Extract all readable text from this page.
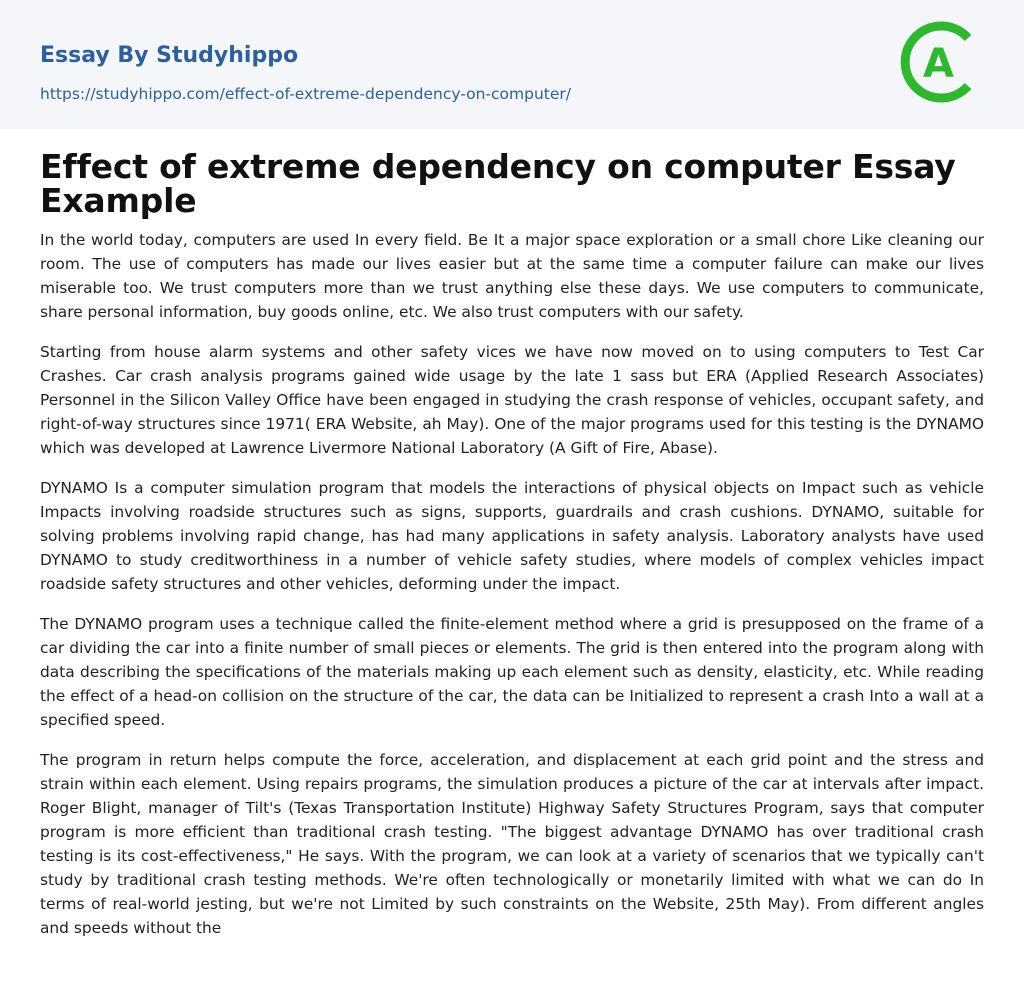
Essay By Studyhippo
https://studyhippo.com/effect-of-extreme-dependency-on-computer/
A
Effect of extreme dependency on computer Essay Example

In the world today, computers are used In every field. Be It a major space exploration or a small chore Like cleaning our room. The use of computers has made our lives easier but at the same time a computer failure can make our lives miserable too. We trust computers more than we trust anything else these days. We use computers to communicate, share personal information, buy goods online, etc. We also trust computers with our safety.

Starting from house alarm systems and other safety vices we have now moved on to using computers to Test Car Crashes. Car crash analysis programs gained wide usage by the late 1 sass but ERA (Applied Research Associates) Personnel in the Silicon Valley Office have been engaged in studying the crash response of vehicles, occupant safety, and right-of-way structures since 1971( ERA Website, ah May). One of the major programs used for this testing is the DYNAMO which was developed at Lawrence Livermore National Laboratory (A Gift of Fire, Abase).

DYNAMO Is a computer simulation program that models the interactions of physical objects on Impact such as vehicle Impacts involving roadside structures such as signs, supports, guardrails and crash cushions. DYNAMO, suitable for solving problems involving rapid change, has had many applications in safety analysis. Laboratory analysts have used DYNAMO to study creditworthiness in a number of vehicle safety studies, where models of complex vehicles impact roadside safety structures and other vehicles, deforming under the impact.

The DYNAMO program uses a technique called the finite-element method where a grid is presupposed on the frame of a car dividing the car into a finite number of small pieces or elements. The grid is then entered into the program along with data describing the specifications of the materials making up each element such as density, elasticity, etc. While reading the effect of a head-on collision on the structure of the car, the data can be Initialized to represent a crash Into a wall at a specified speed.

The program in return helps compute the force, acceleration, and displacement at each grid point and the stress and strain within each element. Using repairs programs, the simulation produces a picture of the car at intervals after impact. Roger Blight, manager of Tilt's (Texas Transportation Institute) Highway Safety Structures Program, says that computer program is more efficient than traditional crash testing. "The biggest advantage DYNAMO has over traditional crash testing is its cost-effectiveness," He says. With the program, we can look at a variety of scenarios that we typically can't study by traditional crash testing methods. We're often technologically or monetarily limited with what we can do In terms of real-world jesting, but we're not Limited by such constraints on the Website, 25th May). From different angles and speeds without the
